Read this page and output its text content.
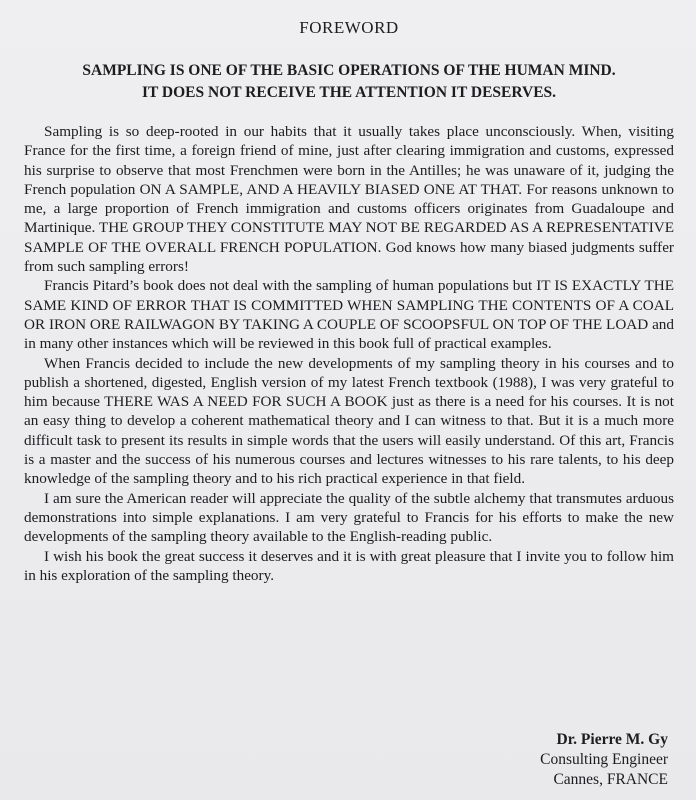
FOREWORD
SAMPLING IS ONE OF THE BASIC OPERATIONS OF THE HUMAN MIND.
IT DOES NOT RECEIVE THE ATTENTION IT DESERVES.

Sampling is so deep-rooted in our habits that it usually takes place unconsciously. When, visiting France for the first time, a foreign friend of mine, just after clearing immigration and customs, expressed his surprise to observe that most Frenchmen were born in the Antilles; he was unaware of it, judging the French population ON A SAMPLE, AND A HEAVILY BIASED ONE AT THAT. For reasons unknown to me, a large proportion of French immigration and customs officers originates from Guadaloupe and Martinique. THE GROUP THEY CONSTITUTE MAY NOT BE REGARDED AS A REPRESENTATIVE SAMPLE OF THE OVERALL FRENCH POPULATION. God knows how many biased judgments suffer from such sampling errors!

Francis Pitard’s book does not deal with the sampling of human populations but IT IS EXACTLY THE SAME KIND OF ERROR THAT IS COMMITTED WHEN SAMPLING THE CONTENTS OF A COAL OR IRON ORE RAILWAGON BY TAKING A COUPLE OF SCOOPSFUL ON TOP OF THE LOAD and in many other instances which will be reviewed in this book full of practical examples.

When Francis decided to include the new developments of my sampling theory in his courses and to publish a shortened, digested, English version of my latest French textbook (1988), I was very grateful to him because THERE WAS A NEED FOR SUCH A BOOK just as there is a need for his courses. It is not an easy thing to develop a coherent mathematical theory and I can witness to that. But it is a much more difficult task to present its results in simple words that the users will easily understand. Of this art, Francis is a master and the success of his numerous courses and lectures witnesses to his rare talents, to his deep knowledge of the sampling theory and to his rich practical experience in that field.

I am sure the American reader will appreciate the quality of the subtle alchemy that transmutes arduous demonstrations into simple explanations. I am very grateful to Francis for his efforts to make the new developments of the sampling theory available to the English-reading public.

I wish his book the great success it deserves and it is with great pleasure that I invite you to follow him in his exploration of the sampling theory.

Dr. Pierre M. Gy
Consulting Engineer
Cannes, FRANCE
